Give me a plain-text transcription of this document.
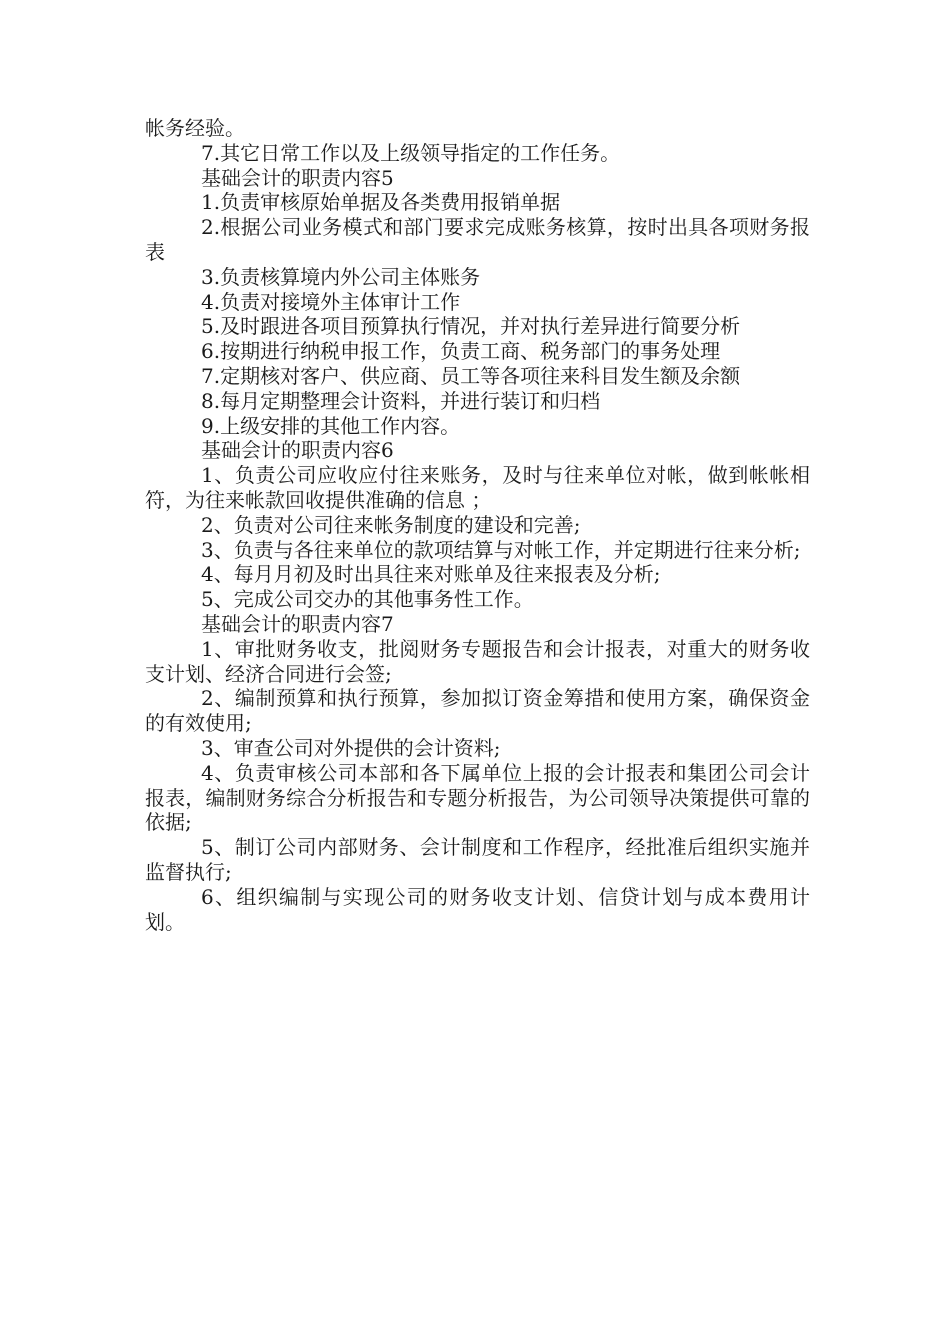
帐务经验。

7.其它日常工作以及上级领导指定的工作任务。

基础会计的职责内容5

1.负责审核原始单据及各类费用报销单据

2.根据公司业务模式和部门要求完成账务核算，按时出具各项财务报表

3.负责核算境内外公司主体账务

4.负责对接境外主体审计工作

5.及时跟进各项目预算执行情况，并对执行差异进行简要分析

6.按期进行纳税申报工作，负责工商、税务部门的事务处理

7.定期核对客户、供应商、员工等各项往来科目发生额及余额

8.每月定期整理会计资料，并进行装订和归档

9.上级安排的其他工作内容。

基础会计的职责内容6

1、负责公司应收应付往来账务，及时与往来单位对帐，做到帐帐相符，为往来帐款回收提供准确的信息 ；

2、负责对公司往来帐务制度的建设和完善;

3、负责与各往来单位的款项结算与对帐工作，并定期进行往来分析;

4、每月月初及时出具往来对账单及往来报表及分析;

5、完成公司交办的其他事务性工作。

基础会计的职责内容7

1、审批财务收支，批阅财务专题报告和会计报表，对重大的财务收支计划、经济合同进行会签;

2、编制预算和执行预算，参加拟订资金筹措和使用方案，确保资金的有效使用;

3、审查公司对外提供的会计资料;

4、负责审核公司本部和各下属单位上报的会计报表和集团公司会计报表，编制财务综合分析报告和专题分析报告，为公司领导决策提供可靠的依据;

5、制订公司内部财务、会计制度和工作程序，经批准后组织实施并监督执行;

6、组织编制与实现公司的财务收支计划、信贷计划与成本费用计划。
